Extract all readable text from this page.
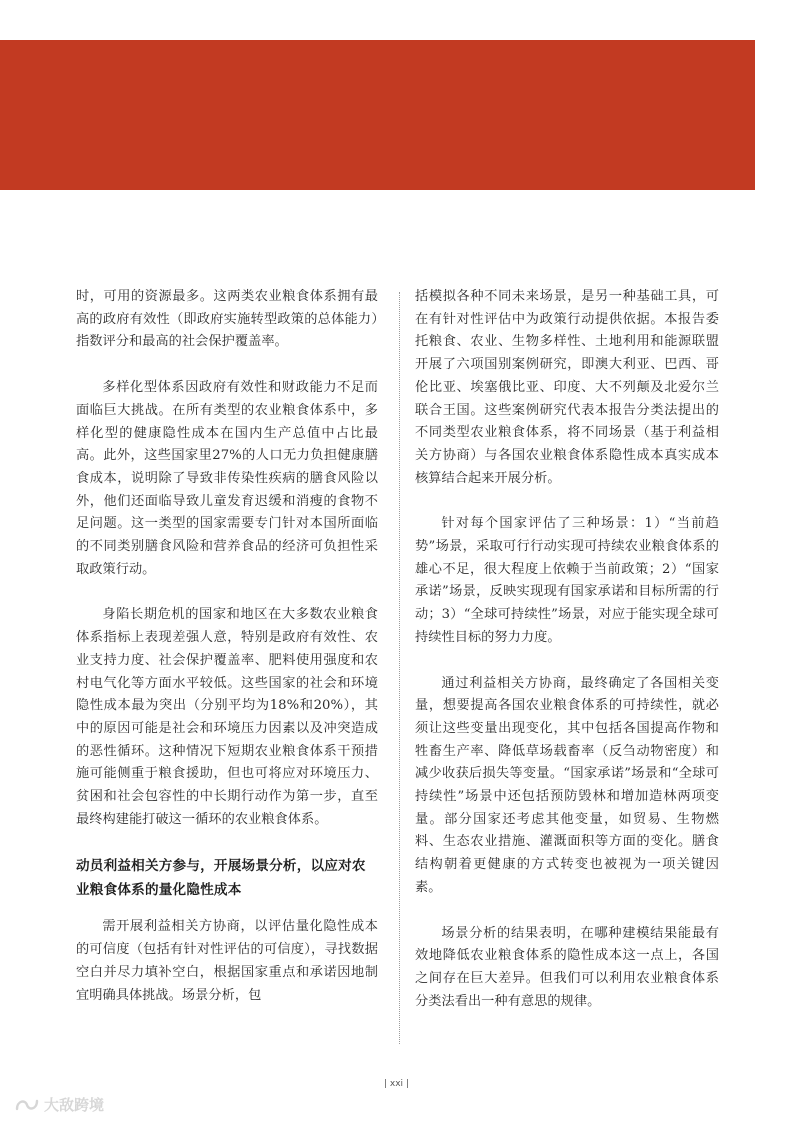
时，可用的资源最多。这两类农业粮食体系拥有最高的政府有效性（即政府实施转型政策的总体能力）指数评分和最高的社会保护覆盖率。

多样化型体系因政府有效性和财政能力不足而面临巨大挑战。在所有类型的农业粮食体系中，多样化型的健康隐性成本在国内生产总值中占比最高。此外，这些国家里27%的人口无力负担健康膳食成本，说明除了导致非传染性疾病的膳食风险以外，他们还面临导致儿童发育迟缓和消瘦的食物不足问题。这一类型的国家需要专门针对本国所面临的不同类别膳食风险和营养食品的经济可负担性采取政策行动。

身陷长期危机的国家和地区在大多数农业粮食体系指标上表现差强人意，特别是政府有效性、农业支持力度、社会保护覆盖率、肥料使用强度和农村电气化等方面水平较低。这些国家的社会和环境隐性成本最为突出（分别平均为18%和20%），其中的原因可能是社会和环境压力因素以及冲突造成的恶性循环。这种情况下短期农业粮食体系干预措施可能侧重于粮食援助，但也可将应对环境压力、贫困和社会包容性的中长期行动作为第一步，直至最终构建能打破这一循环的农业粮食体系。

动员利益相关方参与，开展场景分析，以应对农业粮食体系的量化隐性成本

需开展利益相关方协商，以评估量化隐性成本的可信度（包括有针对性评估的可信度），寻找数据空白并尽力填补空白，根据国家重点和承诺因地制宜明确具体挑战。场景分析，包

括模拟各种不同未来场景，是另一种基础工具，可在有针对性评估中为政策行动提供依据。本报告委托粮食、农业、生物多样性、土地利用和能源联盟开展了六项国别案例研究，即澳大利亚、巴西、哥伦比亚、埃塞俄比亚、印度、大不列颠及北爱尔兰联合王国。这些案例研究代表本报告分类法提出的不同类型农业粮食体系，将不同场景（基于利益相关方协商）与各国农业粮食体系隐性成本真实成本核算结合起来开展分析。

针对每个国家评估了三种场景：1）“当前趋势”场景，采取可行行动实现可持续农业粮食体系的雄心不足，很大程度上依赖于当前政策；2）“国家承诺”场景，反映实现现有国家承诺和目标所需的行动；3）“全球可持续性”场景，对应于能实现全球可持续性目标的努力力度。

通过利益相关方协商，最终确定了各国相关变量，想要提高各国农业粮食体系的可持续性，就必须让这些变量出现变化，其中包括各国提高作物和牲畜生产率、降低草场载畜率（反刍动物密度）和减少收获后损失等变量。“国家承诺”场景和“全球可持续性”场景中还包括预防毁林和增加造林两项变量。部分国家还考虑其他变量，如贸易、生物燃料、生态农业措施、灌溉面积等方面的变化。膳食结构朝着更健康的方式转变也被视为一项关键因素。

场景分析的结果表明，在哪种建模结果能最有效地降低农业粮食体系的隐性成本这一点上，各国之间存在巨大差异。但我们可以利用农业粮食体系分类法看出一种有意思的规律。

| xxi |
大敌跨境
